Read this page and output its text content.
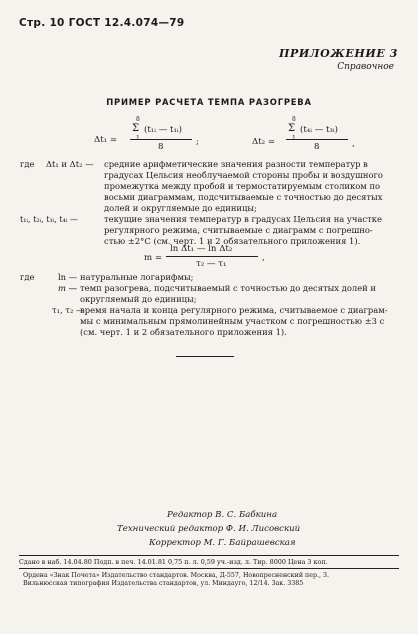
Стр. 10 ГОСТ 12.4.074—79
ПРИЛОЖЕНИЕ 3
Справочное
ПРИМЕР РАСЧЕТА ТЕМПА РАЗОГРЕВА
Δt₁ =
8
Σ
1
(t₁ᵢ — t₁ᵢ)
8	;	Δt₂ =
8
Σ
1
(t₄ᵢ — t₃ᵢ)
8	,
где Δt₁ и Δt₂ — средние арифметические значения разности температур в
градусах Цельсия необлучаемой стороны пробы и воздушного
промежутка между пробой и термостатируемым столиком по
восьми диаграммам, подсчитываемые с точностью до десятых
долей и округляемые до единицы;
t₁ᵢ, t₂ᵢ, t₃ᵢ, t₄ᵢ —	текущие значения температур в градусах Цельсия на участке
регулярного режима, считываемые с диаграмм с погрешно-
стью ±2°С (см. черт. 1 и 2 обязательного приложения 1).
m =
ln Δt₁ — ln Δt₂
τ₂ — τ₁
,
где	ln — натуральные логарифмы;
m — темп разогрева, подсчитываемый с точностью до десятых долей и
округляемый до единицы;
τ₁, τ₂ —
время начала и конца регулярного режима, считываемое с диаграм-
мы с минимальным прямолинейным участком с погрешностью ±3 с
(см. черт. 1 и 2 обязательного приложения 1).
Редактор В. С. Бабкина
Технический редактор Ф. И. Лисовский
Корректор М. Г. Байрашевская
Сдано в наб. 14.04.80 Подп. в печ. 14.01.81 0,75 п. л. 0,59 уч.-изд. л. Тир. 8000 Цена 3 коп.
Ордена «Знак Почета» Издательство стандартов. Москва, Д-557, Новопресненский пер., 3.
Вильнюсская типография Издательства стандартов, ул. Миндауго, 12/14. Зак. 3385
